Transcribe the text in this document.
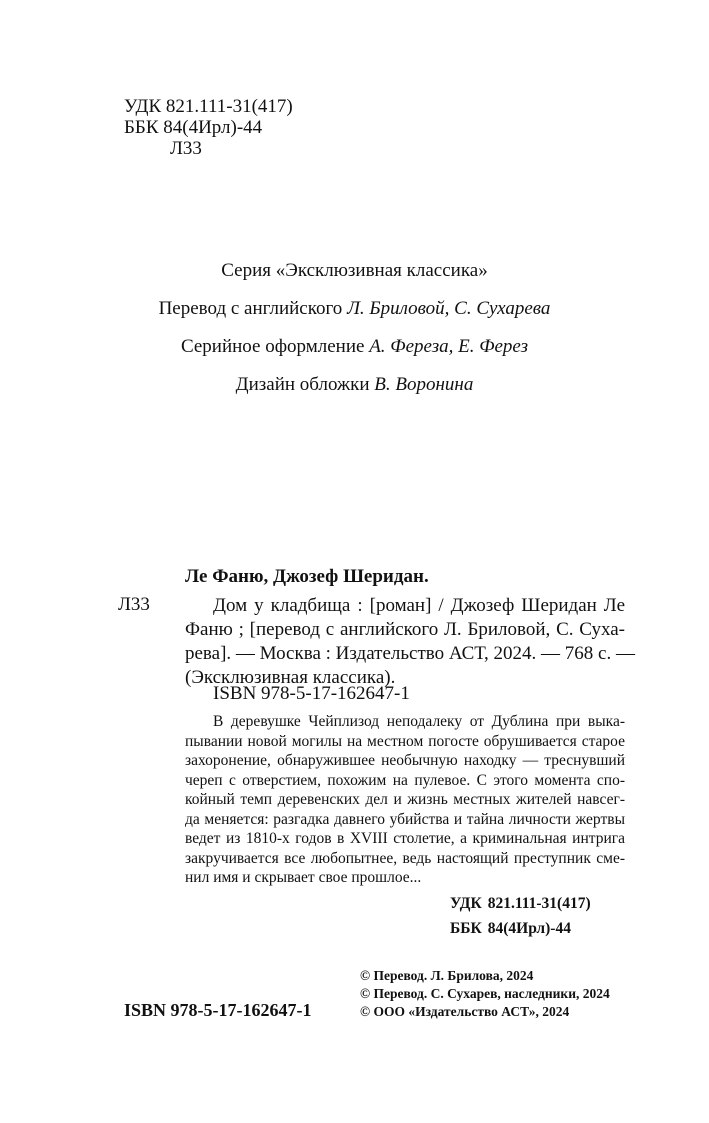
УДК 821.111-31(417)
ББК 84(4Ирл)-44
Л33
Серия «Эксклюзивная классика»
Перевод с английского Л. Бриловой, С. Сухарева
Серийное оформление А. Фереза, Е. Ферез
Дизайн обложки В. Воронина
Ле Фаню, Джозеф Шеридан.
Л33	Дом у кладбища : [роман] / Джозеф Шеридан Ле
Фаню ; [перевод с английского Л. Бриловой, С. Суха-
рева]. — Москва : Издательство АСТ, 2024. — 768 с. —
(Эксклюзивная классика).
ISBN 978-5-17-162647-1
В деревушке Чейплизод неподалеку от Дублина при выка-
пывании новой могилы на местном погосте обрушивается старое
захоронение, обнаружившее необычную находку — треснувший
череп с отверстием, похожим на пулевое. С этого момента спо-
койный темп деревенских дел и жизнь местных жителей навсег-
да меняется: разгадка давнего убийства и тайна личности жертвы
ведет из 1810-х годов в XVIII столетие, а криминальная интрига
закручивается все любопытнее, ведь настоящий преступник сме-
нил имя и скрывает свое прошлое...
УДК 821.111-31(417)
ББК 84(4Ирл)-44
© Перевод. Л. Брилова, 2024
© Перевод. С. Сухарев, наследники, 2024
© ООО «Издательство АСТ», 2024
ISBN 978-5-17-162647-1
